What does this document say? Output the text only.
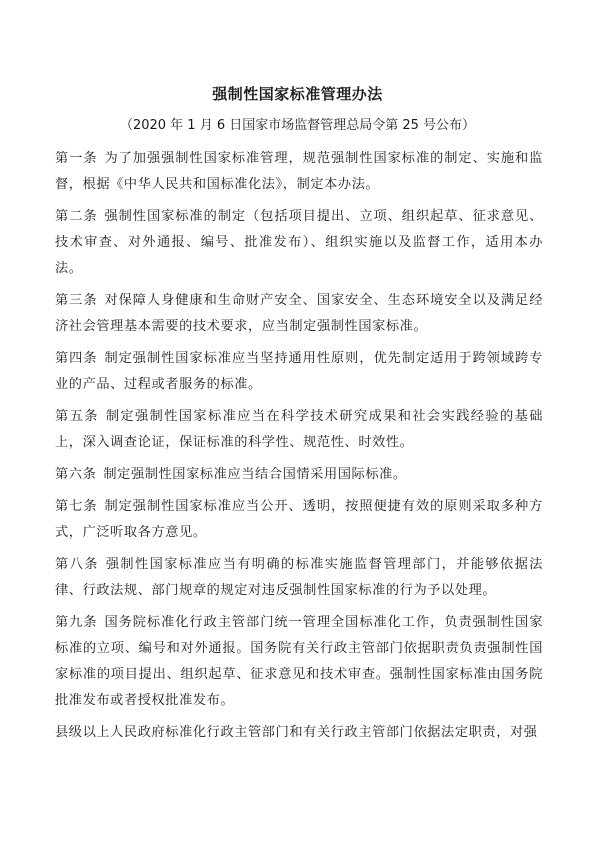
强制性国家标准管理办法
（2020 年 1 月 6 日国家市场监督管理总局令第 25 号公布）

第一条 为了加强强制性国家标准管理，规范强制性国家标准的制定、实施和监督，根据《中华人民共和国标准化法》，制定本办法。

第二条 强制性国家标准的制定（包括项目提出、立项、组织起草、征求意见、技术审查、对外通报、编号、批准发布）、组织实施以及监督工作，适用本办法。

第三条 对保障人身健康和生命财产安全、国家安全、生态环境安全以及满足经济社会管理基本需要的技术要求，应当制定强制性国家标准。

第四条 制定强制性国家标准应当坚持通用性原则，优先制定适用于跨领域跨专业的产品、过程或者服务的标准。

第五条 制定强制性国家标准应当在科学技术研究成果和社会实践经验的基础上，深入调查论证，保证标准的科学性、规范性、时效性。

第六条 制定强制性国家标准应当结合国情采用国际标准。

第七条 制定强制性国家标准应当公开、透明，按照便捷有效的原则采取多种方式，广泛听取各方意见。

第八条 强制性国家标准应当有明确的标准实施监督管理部门，并能够依据法律、行政法规、部门规章的规定对违反强制性国家标准的行为予以处理。

第九条 国务院标准化行政主管部门统一管理全国标准化工作，负责强制性国家标准的立项、编号和对外通报。国务院有关行政主管部门依据职责负责强制性国家标准的项目提出、组织起草、征求意见和技术审查。强制性国家标准由国务院批准发布或者授权批准发布。

县级以上人民政府标准化行政主管部门和有关行政主管部门依据法定职责，对强
